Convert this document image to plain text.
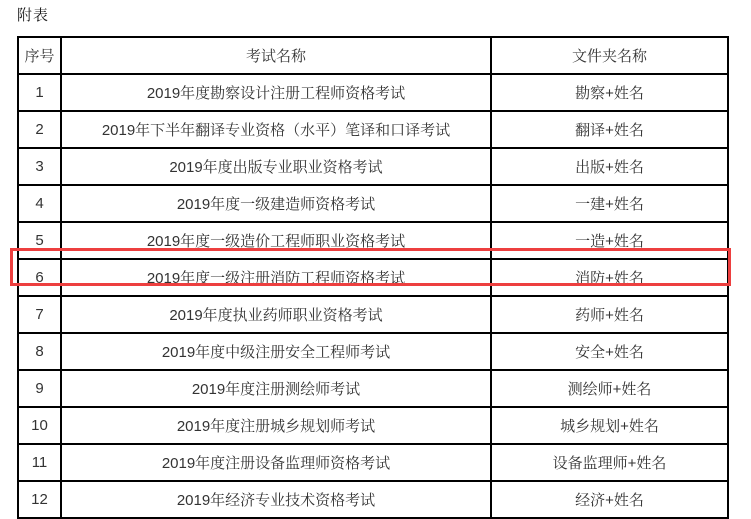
附表
序号	考试名称	文件夹名称
1	2019年度勘察设计注册工程师资格考试	勘察+姓名
2	2019年下半年翻译专业资格（水平）笔译和口译考试	翻译+姓名
3	2019年度出版专业职业资格考试	出版+姓名
4	2019年度一级建造师资格考试	一建+姓名
5	2019年度一级造价工程师职业资格考试	一造+姓名
6	2019年度一级注册消防工程师资格考试	消防+姓名
7	2019年度执业药师职业资格考试	药师+姓名
8	2019年度中级注册安全工程师考试	安全+姓名
9	2019年度注册测绘师考试	测绘师+姓名
10	2019年度注册城乡规划师考试	城乡规划+姓名
11	2019年度注册设备监理师资格考试	设备监理师+姓名
12	2019年经济专业技术资格考试	经济+姓名
